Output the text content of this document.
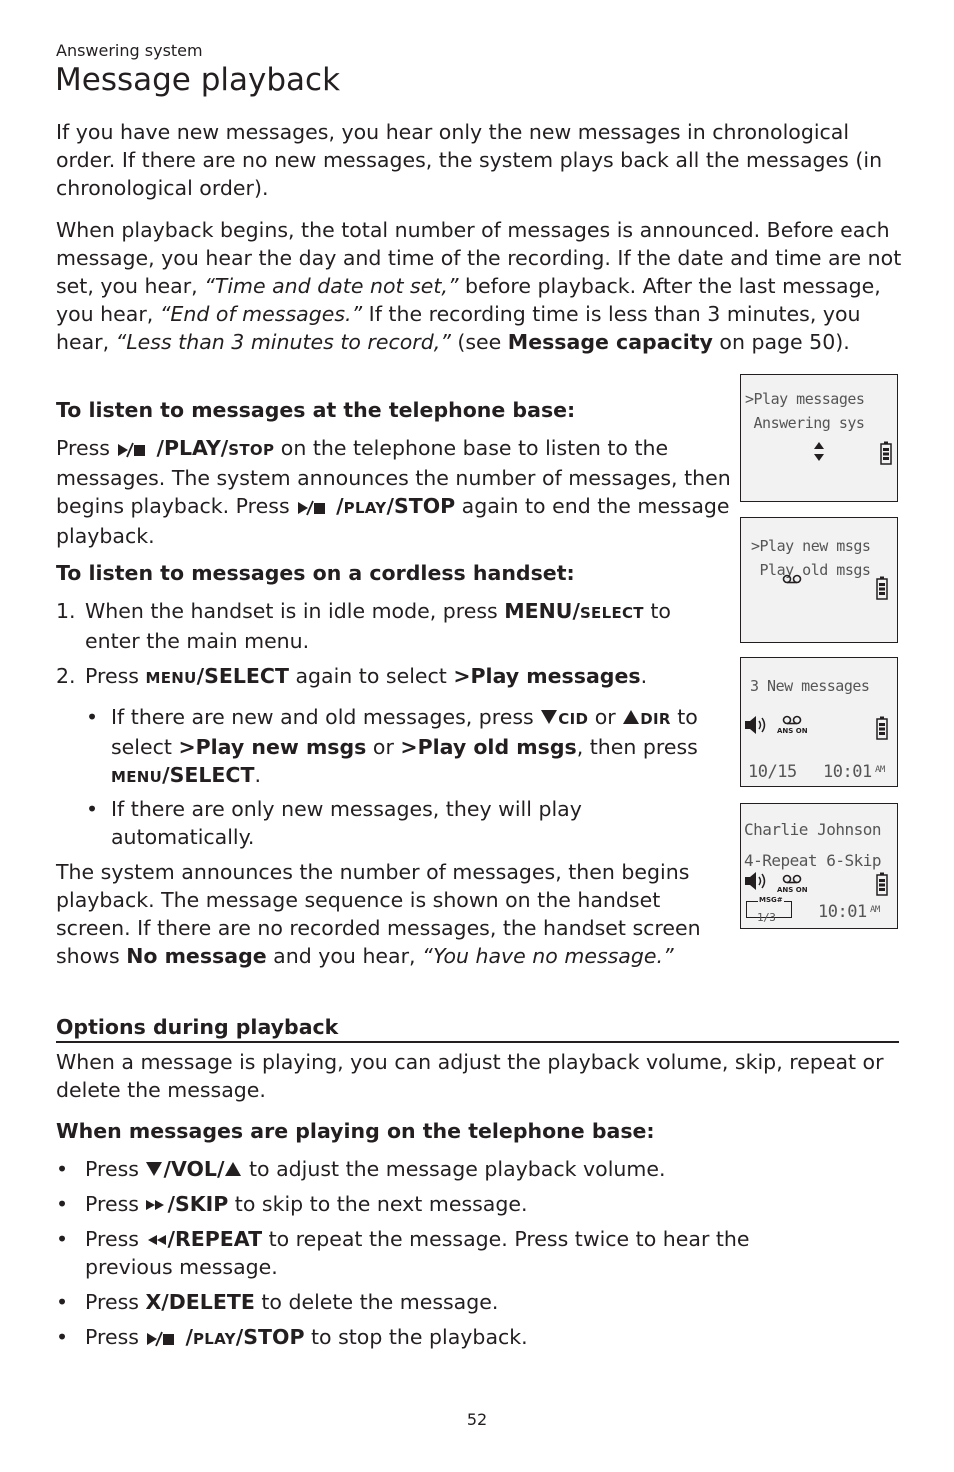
Answering system
Message playback

If you have new messages, you hear only the new messages in chronological order. If there are no new messages, the system plays back all the messages (in chronological order).

When playback begins, the total number of messages is announced. Before each message, you hear the day and time of the recording. If the date and time are not set, you hear, “Time and date not set,” before playback. After the last message, you hear, “End of messages.” If the recording time is less than 3 minutes, you hear, “Less than 3 minutes to record,” (see Message capacity on page 50).

To listen to messages at the telephone base:

Press /PLAY/STOP on the telephone base to listen to the messages. The system announces the number of messages, then begins playback. Press /PLAY/STOP again to end the message playback.

To listen to messages on a cordless handset:

1. When the handset is in idle mode, press MENU/SELECT to enter the main menu.

2. Press MENU/SELECT again to select >Play messages.

• If there are new and old messages, press CID or DIR to select >Play new msgs or >Play old msgs, then press MENU/SELECT.

• If there are only new messages, they will play automatically.

The system announces the number of messages, then begins playback. The message sequence is shown on the handset screen. If there are no recorded messages, the handset screen shows No message and you hear, “You have no message.”

Options during playback

When a message is playing, you can adjust the playback volume, skip, repeat or delete the message.

When messages are playing on the telephone base:

• Press /VOL/ to adjust the message playback volume.

• Press /SKIP to skip to the next message.

• Press /REPEAT to repeat the message. Press twice to hear the previous message.

• Press X/DELETE to delete the message.

• Press /PLAY/STOP to stop the playback.

>Play messages
Answering sys
>Play new msgs
Play old msgs
3 New messages
ANS ON
10/15 10:01 AM
Charlie Johnson
4-Repeat 6-Skip
ANS ON
MSG#
1/3	10:01 AM
52
